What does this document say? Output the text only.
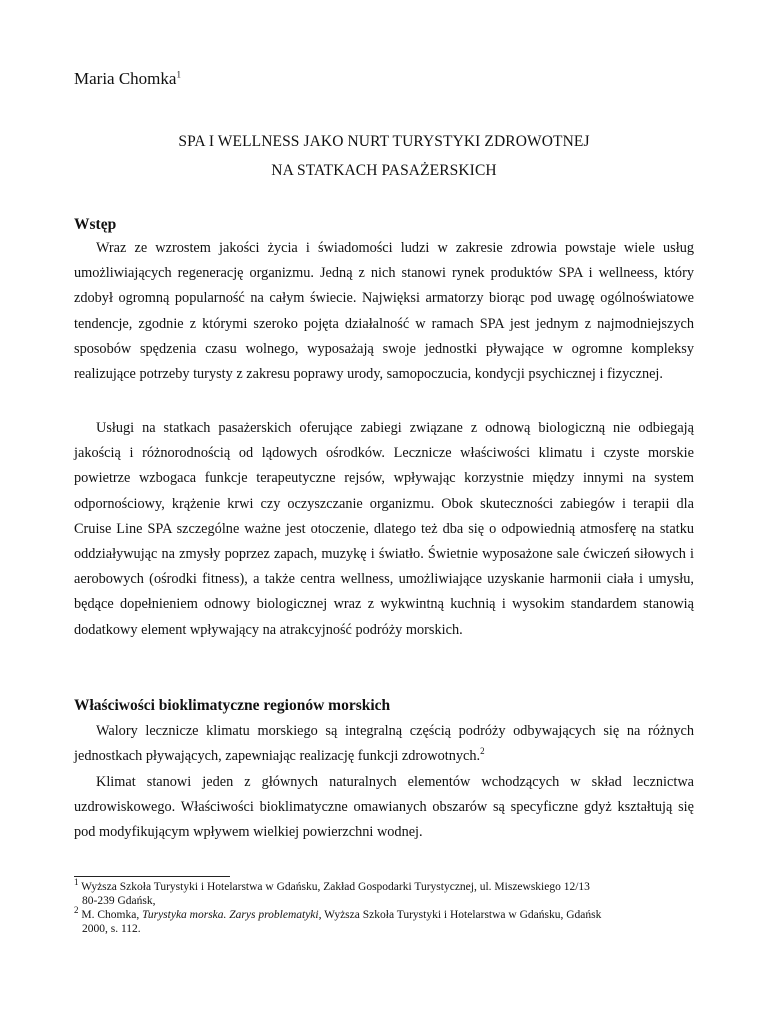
Maria Chomka$^1$
SPA I WELLNESS JAKO NURT TURYSTYKI ZDROWOTNEJ
NA STATKACH PASAŻERSKICH
Wstęp

Wraz ze wzrostem jakości życia i świadomości ludzi w zakresie zdrowia powstaje wiele usług umożliwiających regenerację organizmu. Jedną z nich stanowi rynek produktów SPA i wellneess, który zdobył ogromną popularność na całym świecie. Najwięksi armatorzy biorąc pod uwagę ogólnoświatowe tendencje, zgodnie z którymi szeroko pojęta działalność w ramach SPA jest jednym z najmodniejszych sposobów spędzenia czasu wolnego, wyposażają swoje jednostki pływające w ogromne kompleksy realizujące potrzeby turysty z zakresu poprawy urody, samopoczucia, kondycji psychicznej i fizycznej.

Usługi na statkach pasażerskich oferujące zabiegi związane z odnową biologiczną nie odbiegają jakością i różnorodnością od lądowych ośrodków. Lecznicze właściwości klimatu i czyste morskie powietrze wzbogaca funkcje terapeutyczne rejsów, wpływając korzystnie między innymi na system odpornościowy, krążenie krwi czy oczyszczanie organizmu. Obok skuteczności zabiegów i terapii dla Cruise Line SPA szczególne ważne jest otoczenie, dlatego też dba się o odpowiednią atmosferę na statku oddziaływując na zmysły poprzez zapach, muzykę i światło. Świetnie wyposażone sale ćwiczeń siłowych i aerobowych (ośrodki fitness), a także centra wellness, umożliwiające uzyskanie harmonii ciała i umysłu, będące dopełnieniem odnowy biologicznej wraz z wykwintną kuchnią i wysokim standardem stanowią dodatkowy element wpływający na atrakcyjność podróży morskich.

Właściwości bioklimatyczne regionów morskich

Walory lecznicze klimatu morskiego są integralną częścią podróży odbywających się na różnych jednostkach pływających, zapewniając realizację funkcji zdrowotnych.$^2$

Klimat stanowi jeden z głównych naturalnych elementów wchodzących w skład lecznictwa uzdrowiskowego. Właściwości bioklimatyczne omawianych obszarów są specyficzne gdyż kształtują się pod modyfikującym wpływem wielkiej powierzchni wodnej.

$^1$ Wyższa Szkoła Turystyki i Hotelarstwa w Gdańsku, Zakład Gospodarki Turystycznej, ul. Miszewskiego 12/13
80-239 Gdańsk,
$^2$ M. Chomka, Turystyka morska. Zarys problematyki, Wyższa Szkoła Turystyki i Hotelarstwa w Gdańsku, Gdańsk
2000, s. 112.
